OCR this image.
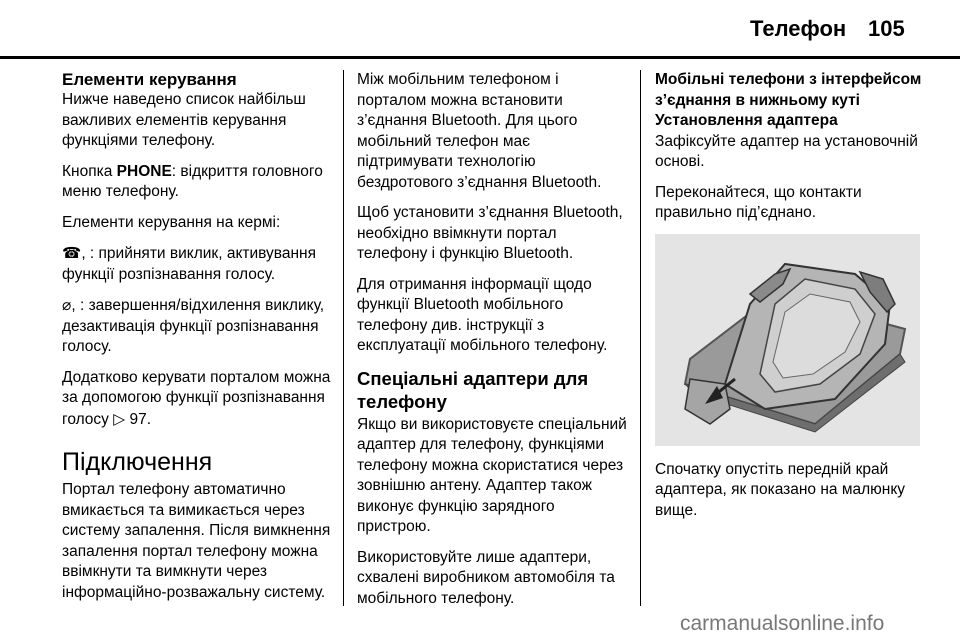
Телефон 105
Елементи керування

Нижче наведено список найбільш важливих елементів керування функціями телефону.

Кнопка PHONE: відкриття головного меню телефону.

Елементи керування на кермі:

☎
, : прийняти виклик, активування функції розпізнавання голосу.

⌀
, : завершення/відхилення виклику, дезактивація функції розпізнавання голосу.

Додатково керувати порталом можна за допомогою функції розпізнавання голосу ▷ 97.

Підключення

Портал телефону автоматично вмикається та вимикається через систему запалення. Після вимкнення запалення портал телефону можна ввімкнути та вимкнути через інформаційно-розважальну систему.

Між мобільним телефоном і порталом можна встановити з’єднання Bluetooth. Для цього мобільний телефон має підтримувати технологію бездротового з’єднання Bluetooth.

Щоб установити з’єднання Bluetooth, необхідно ввімкнути портал телефону і функцію Bluetooth.

Для отримання інформації щодо функції Bluetooth мобільного телефону див. інструкції з експлуатації мобільного телефону.

Спеціальні адаптери для телефону

Якщо ви використовуєте спеціальний адаптер для телефону, функціями телефону можна скористатися через зовнішню антену. Адаптер також виконує функцію зарядного пристрою.

Використовуйте лише адаптери, схвалені виробником автомобіля та мобільного телефону.

Мобільні телефони з інтерфейсом з’єднання в нижньому куті
Установлення адаптера

Зафіксуйте адаптер на установочній основі.

Переконайтеся, що контакти правильно під’єднано.

Спочатку опустіть передній край адаптера, як показано на малюнку вище.

carmanualsonline.info
